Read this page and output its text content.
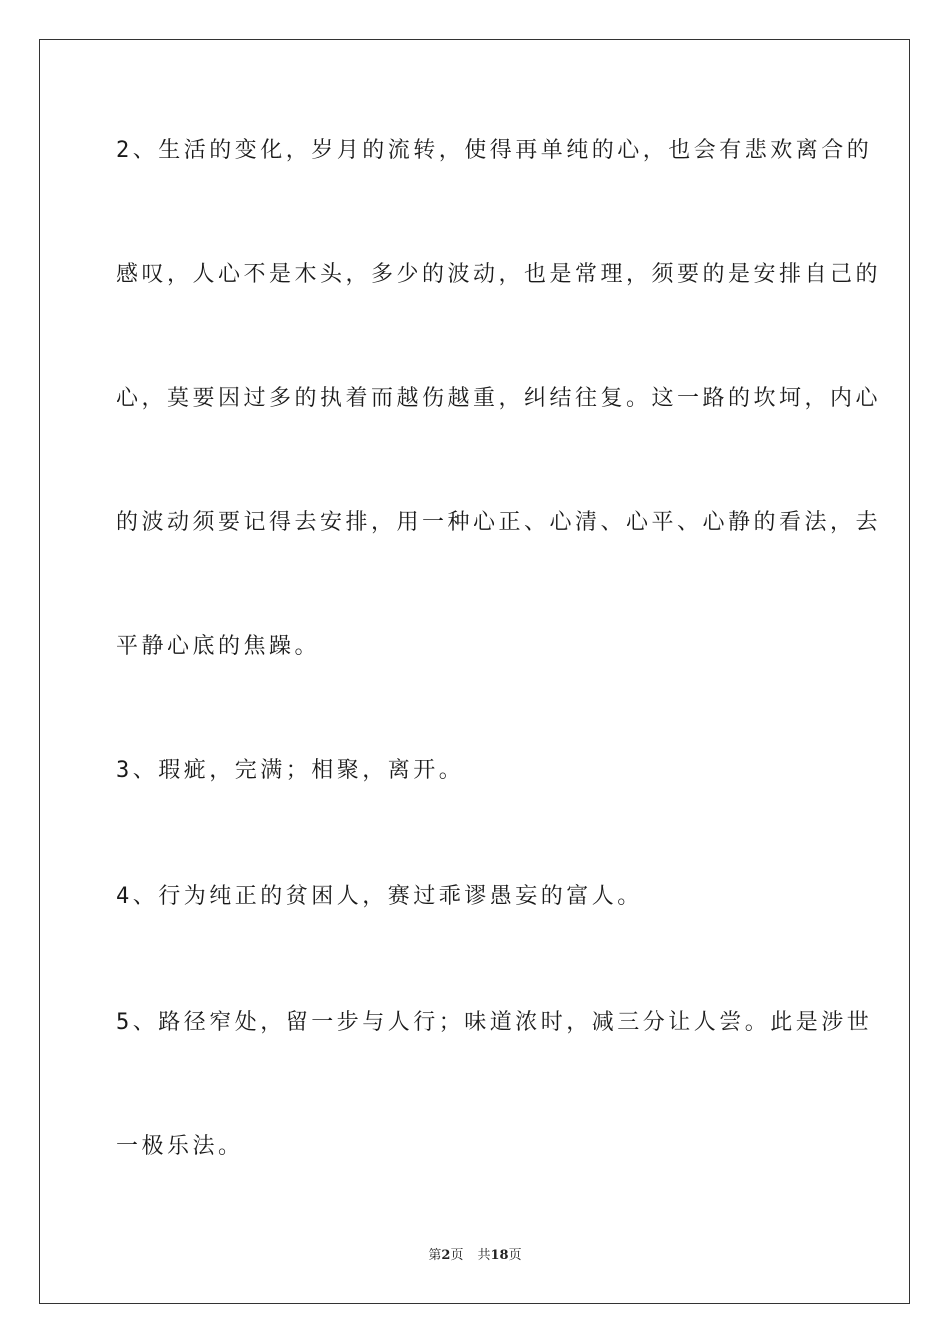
2、生活的变化，岁月的流转，使得再单纯的心，也会有悲欢离合的
感叹，人心不是木头，多少的波动，也是常理，须要的是安排自己的
心，莫要因过多的执着而越伤越重，纠结往复。这一路的坎坷，内心
的波动须要记得去安排，用一种心正、心清、心平、心静的看法，去
平静心底的焦躁。
3、瑕疵，完满；相聚，离开。
4、行为纯正的贫困人，赛过乖谬愚妄的富人。
5、路径窄处，留一步与人行；味道浓时，减三分让人尝。此是涉世
一极乐法。
第2页 共18页
